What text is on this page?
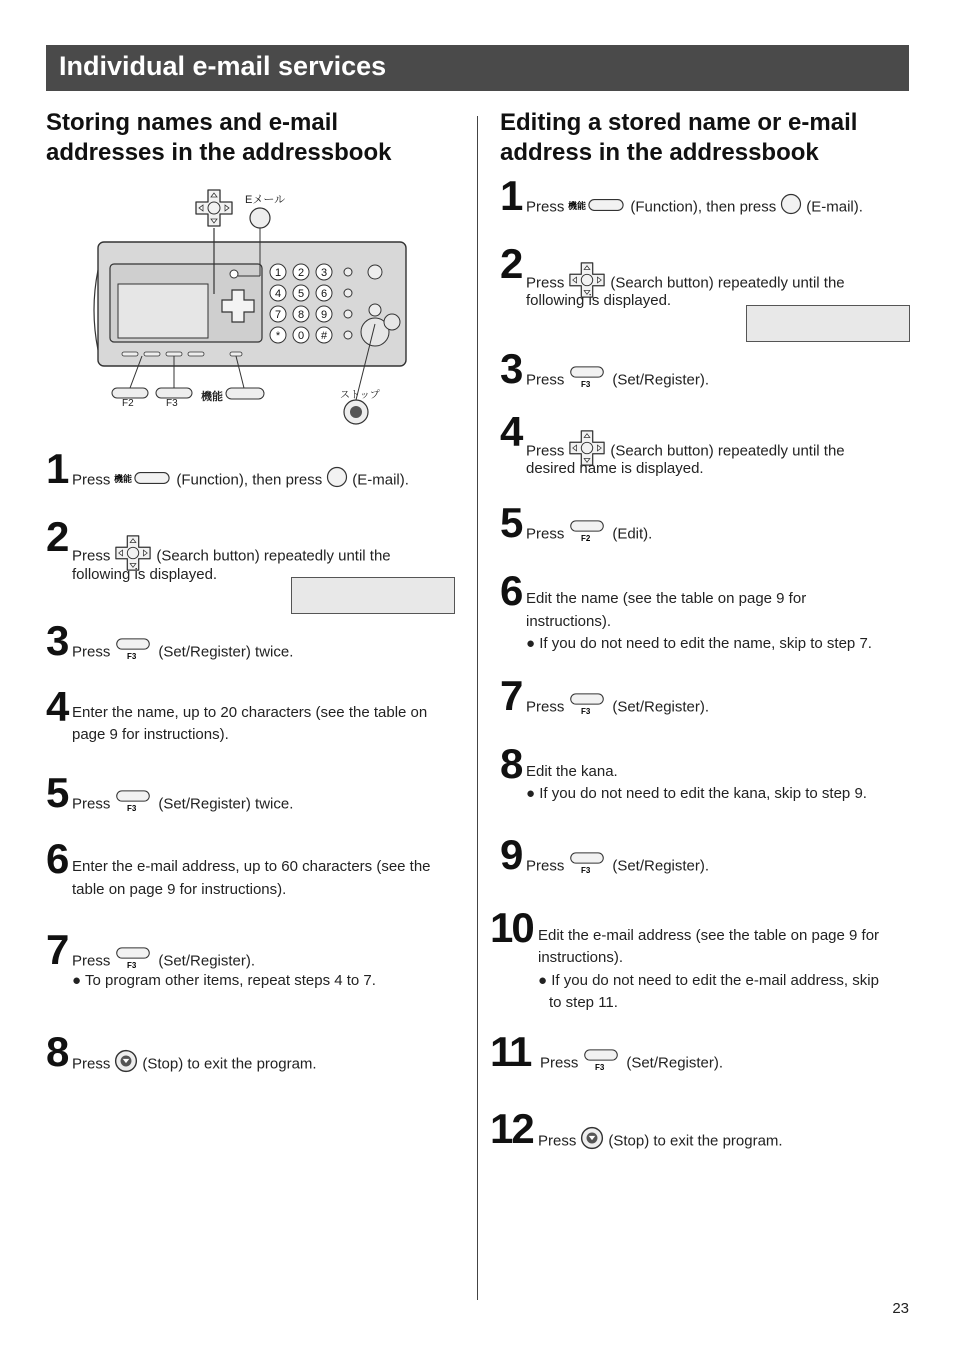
Individual e-mail services
Storing names and e-mail
addresses in the addressbook
1 2 3
4 5 6
7 8 9
* 0 #
Eメール
F2	F3
機能	ストップ
1 Press 機能	(Function), then press (E-mail).
2 Press	(Search button) repeatedly until the
following is displayed.
3 Press F3 (Set/Register) twice.
4 Enter the name, up to 20 characters (see the table on
page 9 for instructions).
5 Press F3 (Set/Register) twice.
6 Enter the e-mail address, up to 60 characters (see the
table on page 9 for instructions).
7 Press F3 (Set/Register).
● To program other items, repeat steps 4 to 7.
8 Press (Stop) to exit the program.
Editing a stored name or e-mail
address in the addressbook
1 Press 機能	(Function), then press (E-mail).
2 Press	(Search button) repeatedly until the
following is displayed.
3 Press F3 (Set/Register).
4 Press	(Search button) repeatedly until the
desired name is displayed.
5 Press F2 (Edit).
6 Edit the name (see the table on page 9 for
instructions).
● If you do not need to edit the name, skip to step 7.
7 Press F3 (Set/Register).
8 Edit the kana.
● If you do not need to edit the kana, skip to step 9.
9 Press F3 (Set/Register).
10 Edit the e-mail address (see the table on page 9 for
instructions).
● If you do not need to edit the e-mail address, skip
to step 11.
11 Press F3 (Set/Register).
12 Press (Stop) to exit the program.
23
